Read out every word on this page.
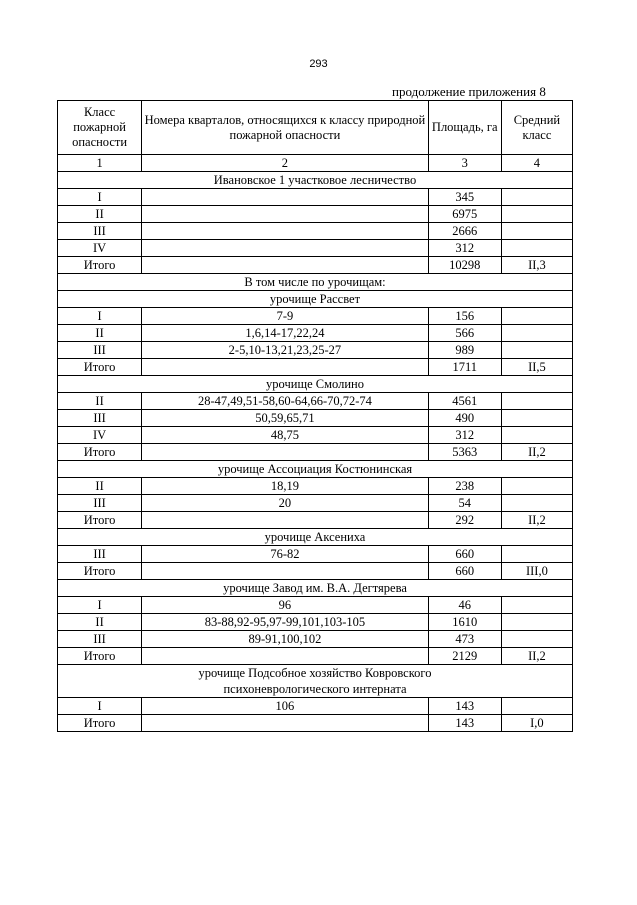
293
продолжение приложения 8
Класс пожарной опасности	Номера кварталов, относящихся к классу природной пожарной опасности	Площадь, га	Средний класс
1	2	3	4
Ивановское 1 участковое лесничество			
I		345	
II		6975	
III		2666	
IV		312	
Итого		10298	II,3
В том числе по урочищам:			
урочище Рассвет			
I	7-9	156	
II	1,6,14-17,22,24	566	
III	2-5,10-13,21,23,25-27	989	
Итого		1711	II,5
урочище Смолино			
II	28-47,49,51-58,60-64,66-70,72-74	4561	
III	50,59,65,71	490	
IV	48,75	312	
Итого		5363	II,2
урочище Ассоциация Костюнинская			
II	18,19	238	
III	20	54	
Итого		292	II,2
урочище Аксениха			
III	76-82	660	
Итого		660	III,0
урочище Завод им. В.А. Дегтярева			
I	96	46	
II	83-88,92-95,97-99,101,103-105	1610	
III	89-91,100,102	473	
Итого		2129	II,2
урочище Подсобное хозяйство Ковровского
психоневрологического интерната			
I	106	143	
Итого		143	I,0
